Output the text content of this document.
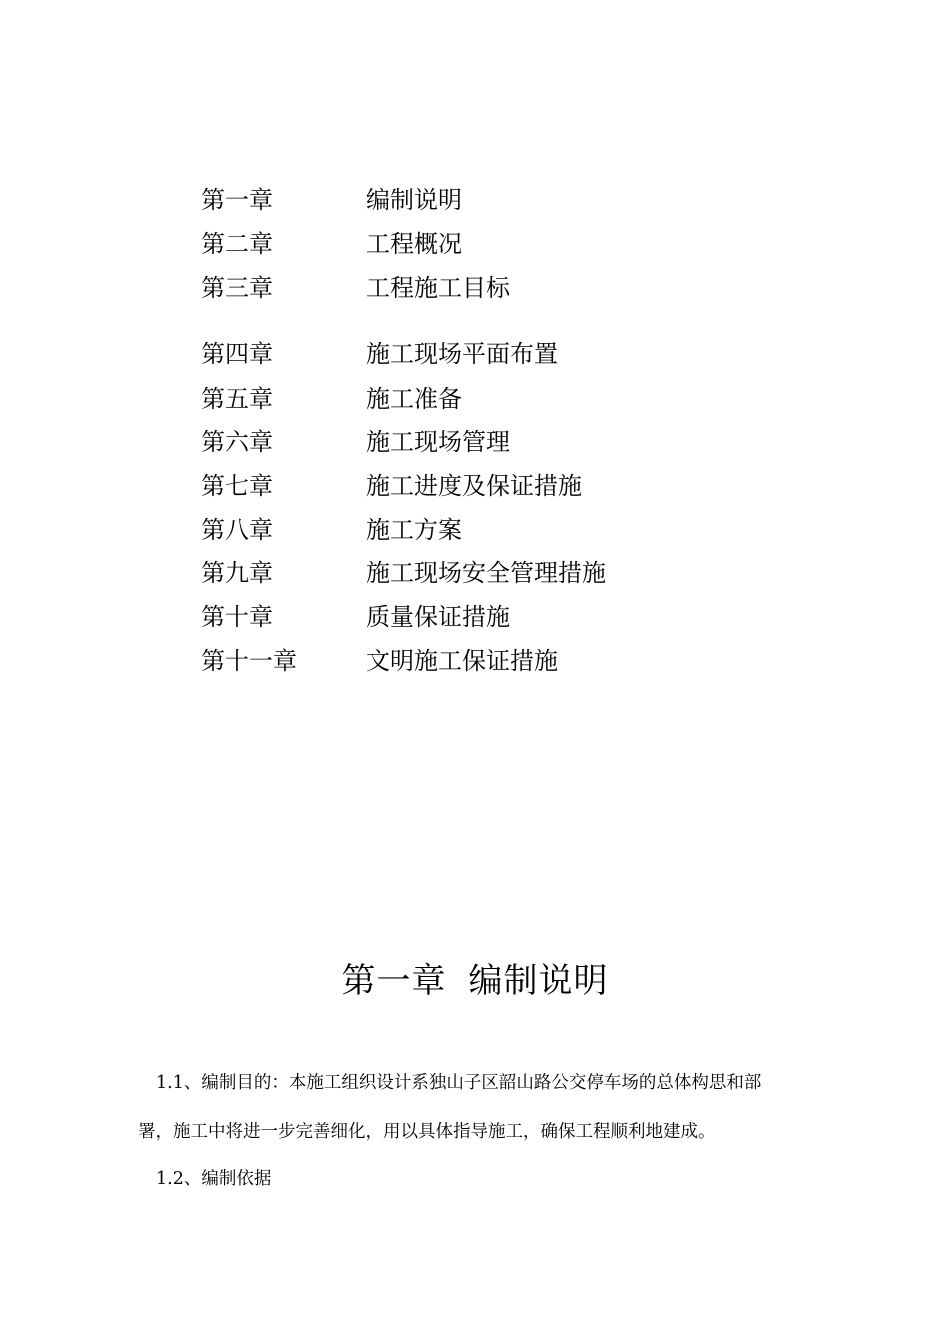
第一章	编制说明
第二章	工程概况
第三章	工程施工目标
第四章	施工现场平面布置
第五章	施工准备
第六章	施工现场管理
第七章	施工进度及保证措施
第八章	施工方案
第九章	施工现场安全管理措施
第十章	质量保证措施
第十一章	文明施工保证措施
第一章 编制说明
1.1、编制目的：本施工组织设计系独山子区韶山路公交停车场的总体构思和部
署，施工中将进一步完善细化，用以具体指导施工，确保工程顺利地建成。
1.2、编制依据
